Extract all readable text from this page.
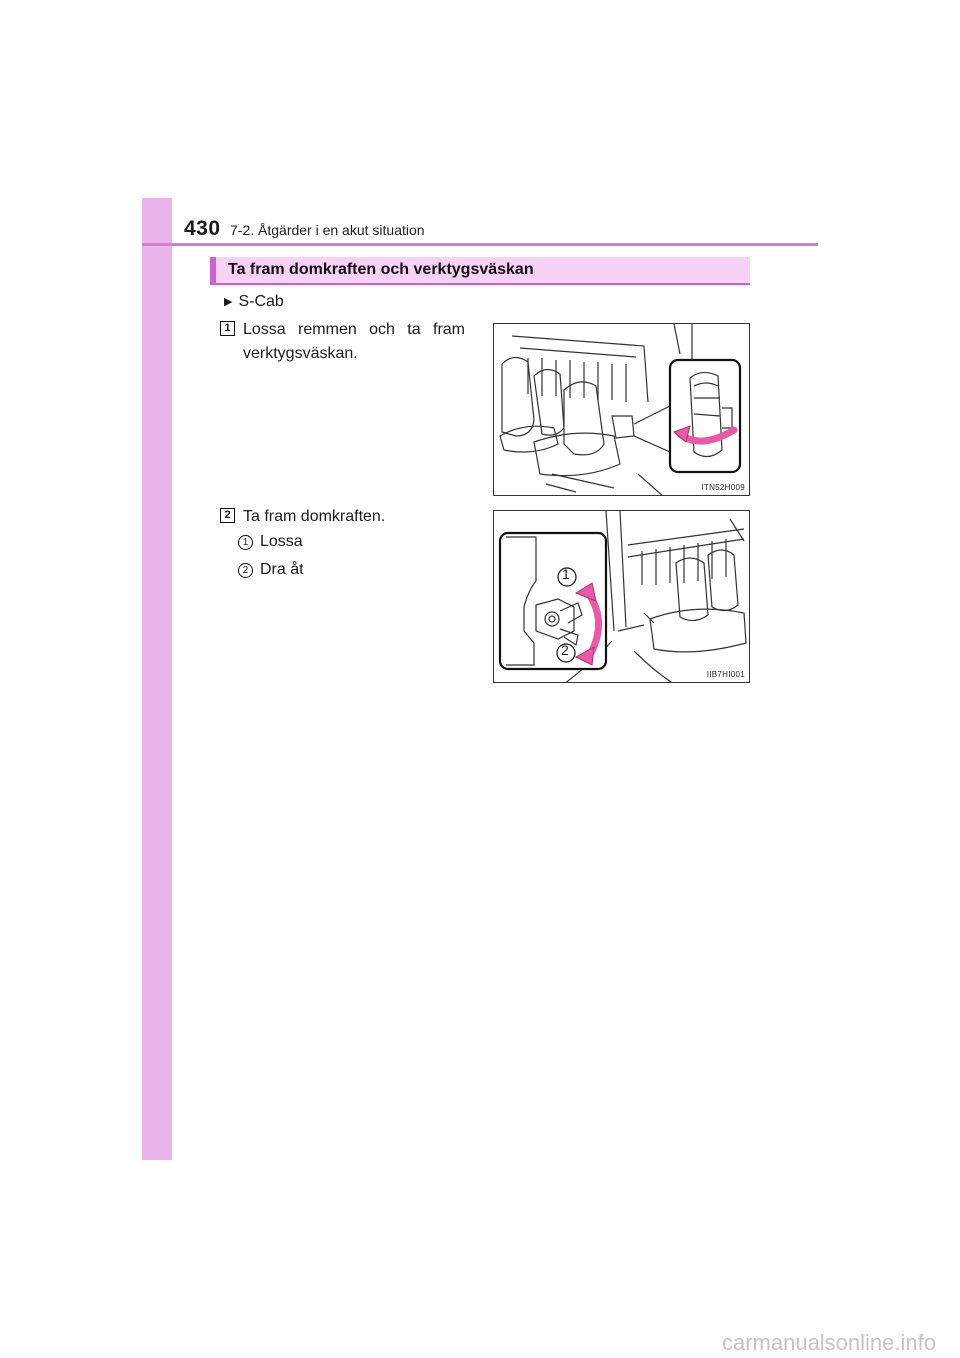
430 7-2. Åtgärder i en akut situation
Ta fram domkraften och verktygsväskan
▶ S-Cab
1 Lossa remmen och ta fram verktygsväskan.
2 Ta fram domkraften.
1 Lossa
2 Dra åt
ITN52H009
1
2
IIB7HI001
carmanualsonline.info
